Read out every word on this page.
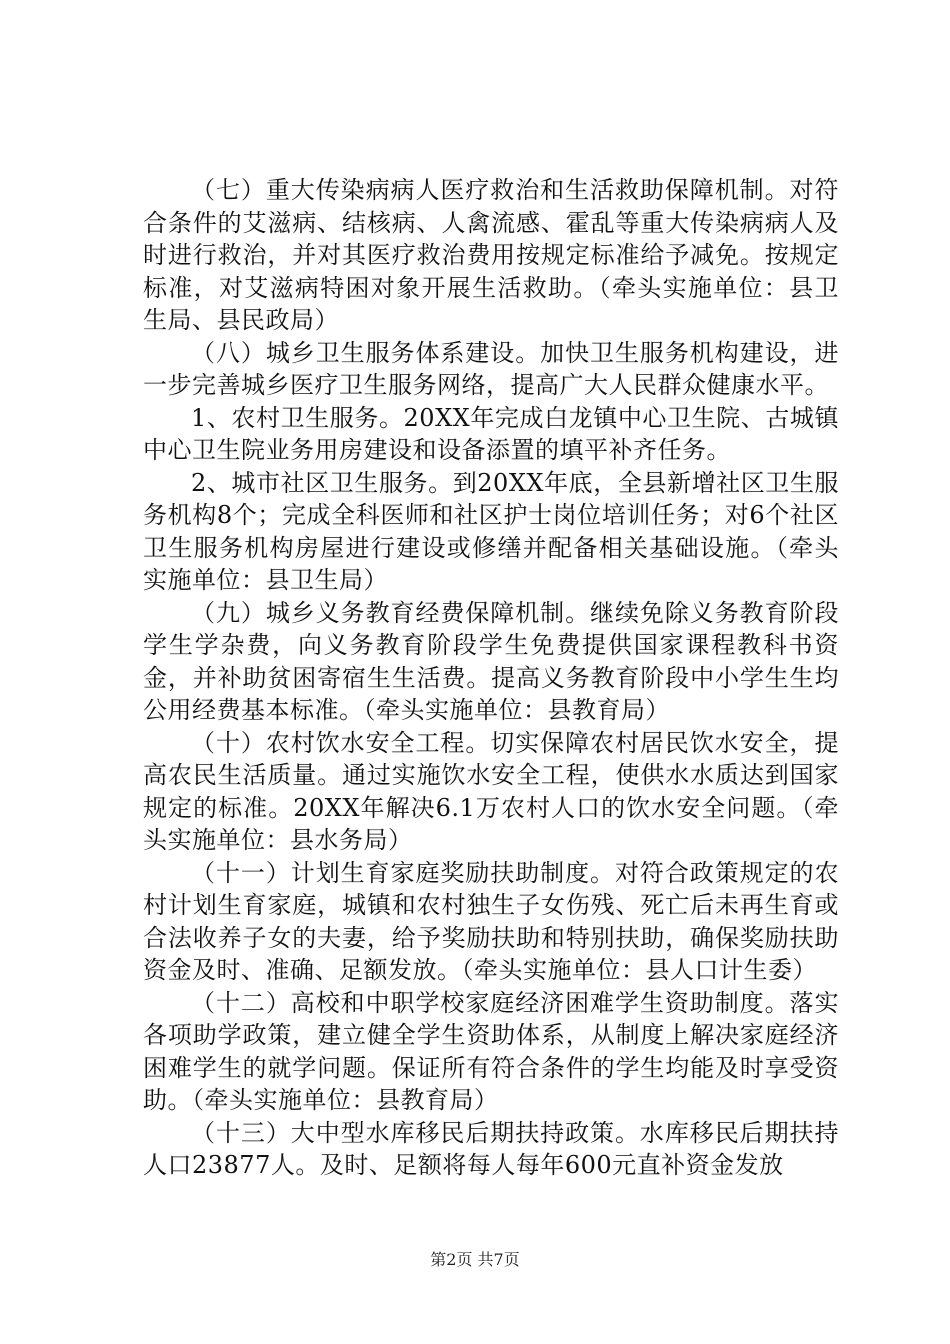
（七）重大传染病病人医疗救治和生活救助保障机制。对符合条件的艾滋病、结核病、人禽流感、霍乱等重大传染病病人及时进行救治，并对其医疗救治费用按规定标准给予减免。按规定标准，对艾滋病特困对象开展生活救助。（牵头实施单位：县卫生局、县民政局）

（八）城乡卫生服务体系建设。加快卫生服务机构建设，进一步完善城乡医疗卫生服务网络，提高广大人民群众健康水平。

1、农村卫生服务。20XX年完成白龙镇中心卫生院、古城镇中心卫生院业务用房建设和设备添置的填平补齐任务。

2、城市社区卫生服务。到20XX年底，全县新增社区卫生服务机构8个；完成全科医师和社区护士岗位培训任务；对6个社区卫生服务机构房屋进行建设或修缮并配备相关基础设施。（牵头实施单位：县卫生局）

（九）城乡义务教育经费保障机制。继续免除义务教育阶段学生学杂费，向义务教育阶段学生免费提供国家课程教科书资金，并补助贫困寄宿生生活费。提高义务教育阶段中小学生生均公用经费基本标准。（牵头实施单位：县教育局）

（十）农村饮水安全工程。切实保障农村居民饮水安全，提高农民生活质量。通过实施饮水安全工程，使供水水质达到国家规定的标准。20XX年解决6.1万农村人口的饮水安全问题。（牵头实施单位：县水务局）

（十一）计划生育家庭奖励扶助制度。对符合政策规定的农村计划生育家庭，城镇和农村独生子女伤残、死亡后未再生育或合法收养子女的夫妻，给予奖励扶助和特别扶助，确保奖励扶助资金及时、准确、足额发放。（牵头实施单位：县人口计生委）

（十二）高校和中职学校家庭经济困难学生资助制度。落实各项助学政策，建立健全学生资助体系，从制度上解决家庭经济困难学生的就学问题。保证所有符合条件的学生均能及时享受资助。（牵头实施单位：县教育局）

（十三）大中型水库移民后期扶持政策。水库移民后期扶持人口23877人。及时、足额将每人每年600元直补资金发放

第2页 共7页
